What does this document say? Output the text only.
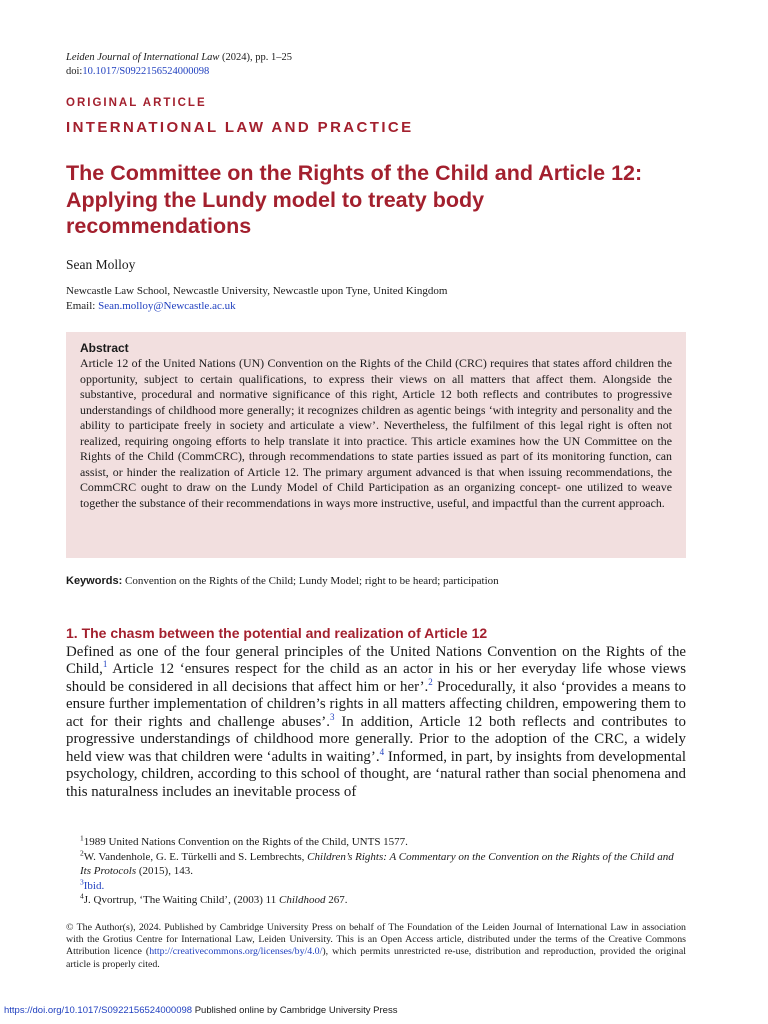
Leiden Journal of International Law (2024), pp. 1–25
doi:10.1017/S0922156524000098
ORIGINAL ARTICLE
INTERNATIONAL LAW AND PRACTICE
The Committee on the Rights of the Child and Article 12: Applying the Lundy model to treaty body recommendations
Sean Molloy
Newcastle Law School, Newcastle University, Newcastle upon Tyne, United Kingdom
Email: Sean.molloy@Newcastle.ac.uk
Abstract

Article 12 of the United Nations (UN) Convention on the Rights of the Child (CRC) requires that states afford children the opportunity, subject to certain qualifications, to express their views on all matters that affect them. Alongside the substantive, procedural and normative significance of this right, Article 12 both reflects and contributes to progressive understandings of childhood more generally; it recognizes children as agentic beings ‘with integrity and personality and the ability to participate freely in society and articulate a view’. Nevertheless, the fulfilment of this legal right is often not realized, requiring ongoing efforts to help translate it into practice. This article examines how the UN Committee on the Rights of the Child (CommCRC), through recommendations to state parties issued as part of its monitoring function, can assist, or hinder the realization of Article 12. The primary argument advanced is that when issuing recommendations, the CommCRC ought to draw on the Lundy Model of Child Participation as an organizing concept- one utilized to weave together the substance of their recommendations in ways more instructive, useful, and impactful than the current approach.

Keywords: Convention on the Rights of the Child; Lundy Model; right to be heard; participation
1. The chasm between the potential and realization of Article 12

Defined as one of the four general principles of the United Nations Convention on the Rights of the Child,$^1$ Article 12 ‘ensures respect for the child as an actor in his or her everyday life whose views should be considered in all decisions that affect him or her’.$^2$ Procedurally, it also ‘provides a means to ensure further implementation of children’s rights in all matters affecting children, empowering them to act for their rights and challenge abuses’.$^3$ In addition, Article 12 both reflects and contributes to progressive understandings of childhood more generally. Prior to the adoption of the CRC, a widely held view was that children were ‘adults in waiting’.$^4$ Informed, in part, by insights from developmental psychology, children, according to this school of thought, are ‘natural rather than social phenomena and this naturalness includes an inevitable process of

$^1$1989 United Nations Convention on the Rights of the Child, UNTS 1577.
$^2$W. Vandenhole, G. E. Türkelli and S. Lembrechts, Children’s Rights: A Commentary on the Convention on the Rights of the Child and Its Protocols (2015), 143.
$^3$Ibid.
$^4$J. Qvortrup, ‘The Waiting Child’, (2003) 11 Childhood 267.
© The Author(s), 2024. Published by Cambridge University Press on behalf of The Foundation of the Leiden Journal of International Law in association with the Grotius Centre for International Law, Leiden University. This is an Open Access article, distributed under the terms of the Creative Commons Attribution licence (http://creativecommons.org/licenses/by/4.0/), which permits unrestricted re-use, distribution and reproduction, provided the original article is properly cited.
https://doi.org/10.1017/S0922156524000098 Published online by Cambridge University Press
